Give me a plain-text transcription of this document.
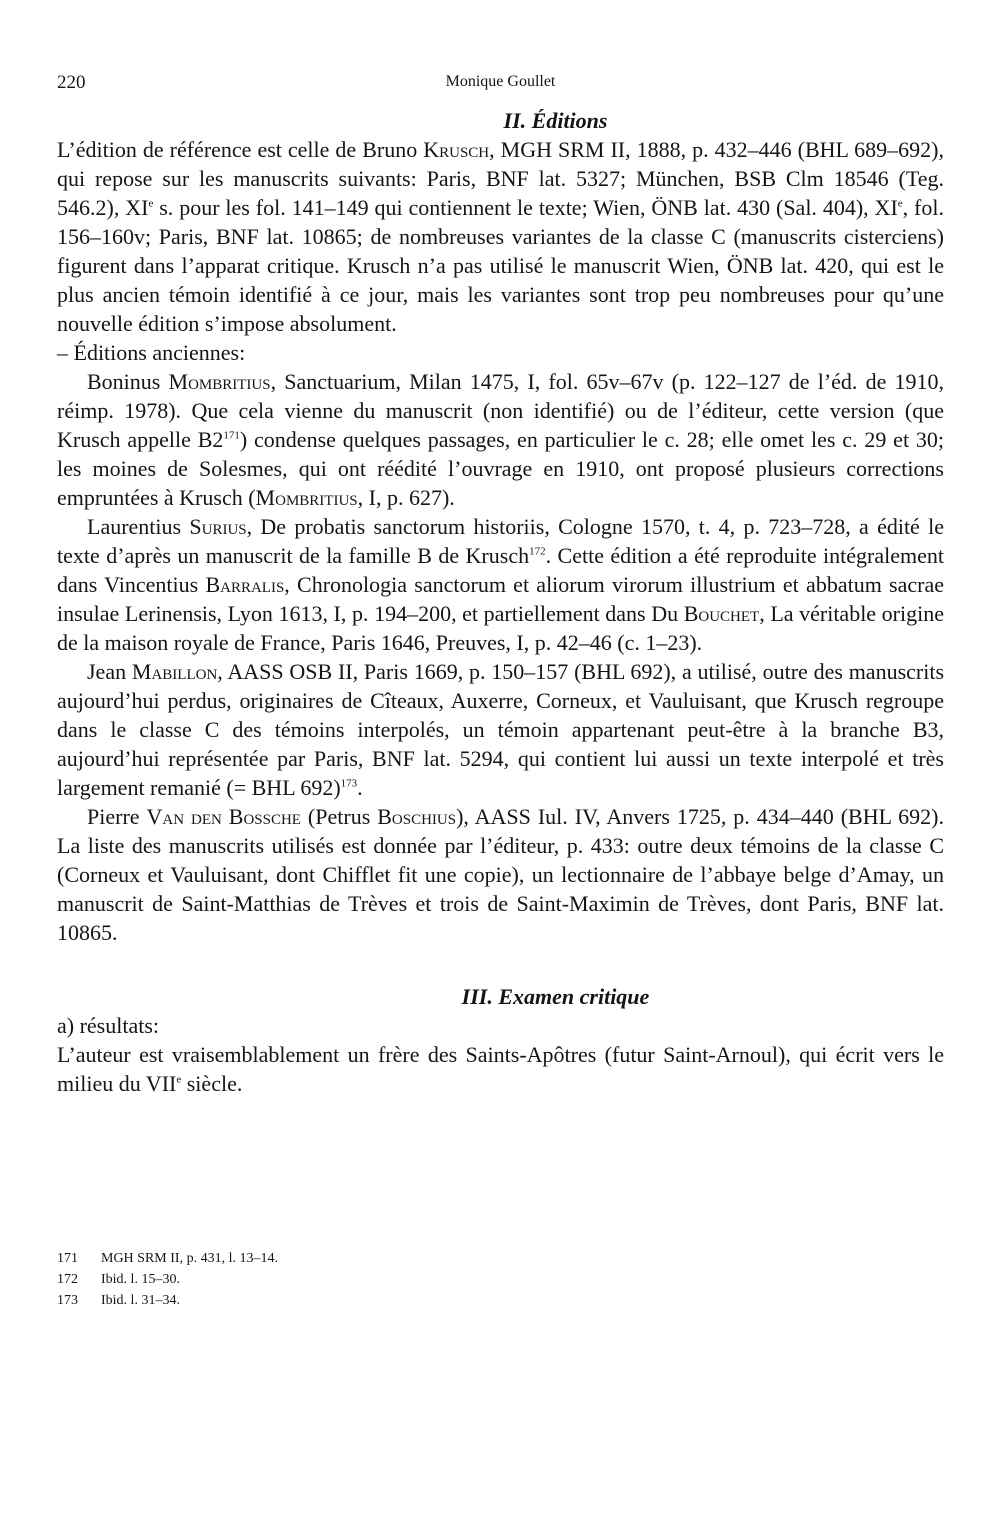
220	Monique Goullet
II. Éditions

L’édition de référence est celle de Bruno Krusch, MGH SRM II, 1888, p. 432–446 (BHL 689–692), qui repose sur les manuscrits suivants: Paris, BNF lat. 5327; München, BSB Clm 18546 (Teg. 546.2), XIe s. pour les fol. 141–149 qui contiennent le texte; Wien, ÖNB lat. 430 (Sal. 404), XIe, fol. 156–160v; Paris, BNF lat. 10865; de nombreuses variantes de la classe C (manuscrits cisterciens) figurent dans l’apparat critique. Krusch n’a pas utilisé le manuscrit Wien, ÖNB lat. 420, qui est le plus ancien témoin identifié à ce jour, mais les variantes sont trop peu nombreuses pour qu’une nouvelle édition s’impose absolument.

– Éditions anciennes:

Boninus Mombritius, Sanctuarium, Milan 1475, I, fol. 65v–67v (p. 122–127 de l’éd. de 1910, réimp. 1978). Que cela vienne du manuscrit (non identifié) ou de l’éditeur, cette version (que Krusch appelle $B2^{171}$) condense quelques passages, en particulier le c. 28; elle omet les c. 29 et 30; les moines de Solesmes, qui ont réédité l’ouvrage en 1910, ont proposé plusieurs corrections empruntées à Krusch (Mombritius, I, p. 627).

Laurentius Surius, De probatis sanctorum historiis, Cologne 1570, t. 4, p. 723–728, a édité le texte d’après un manuscrit de la famille B de Krusch$^{172}$. Cette édition a été reproduite intégralement dans Vincentius Barralis, Chronologia sanctorum et aliorum virorum illustrium et abbatum sacrae insulae Lerinensis, Lyon 1613, I, p. 194–200, et partiellement dans Du Bouchet, La véritable origine de la maison royale de France, Paris 1646, Preuves, I, p. 42–46 (c. 1–23).

Jean Mabillon, AASS OSB II, Paris 1669, p. 150–157 (BHL 692), a utilisé, outre des manuscrits aujourd’hui perdus, originaires de Cîteaux, Auxerre, Corneux, et Vauluisant, que Krusch regroupe dans le classe C des témoins interpolés, un témoin appartenant peut-être à la branche B3, aujourd’hui représentée par Paris, BNF lat. 5294, qui contient lui aussi un texte interpolé et très largement remanié (= BHL 692)$^{173}$.

Pierre Van den Bossche (Petrus Boschius), AASS Iul. IV, Anvers 1725, p. 434–440 (BHL 692). La liste des manuscrits utilisés est donnée par l’éditeur, p. 433: outre deux témoins de la classe C (Corneux et Vauluisant, dont Chifflet fit une copie), un lectionnaire de l’abbaye belge d’Amay, un manuscrit de Saint-Matthias de Trèves et trois de Saint-Maximin de Trèves, dont Paris, BNF lat. 10865.

III. Examen critique

a) résultats:

L’auteur est vraisemblablement un frère des Saints-Apôtres (futur Saint-Arnoul), qui écrit vers le milieu du VIIe siècle.

171	MGH SRM II, p. 431, l. 13–14.
172	Ibid. l. 15–30.
173	Ibid. l. 31–34.
